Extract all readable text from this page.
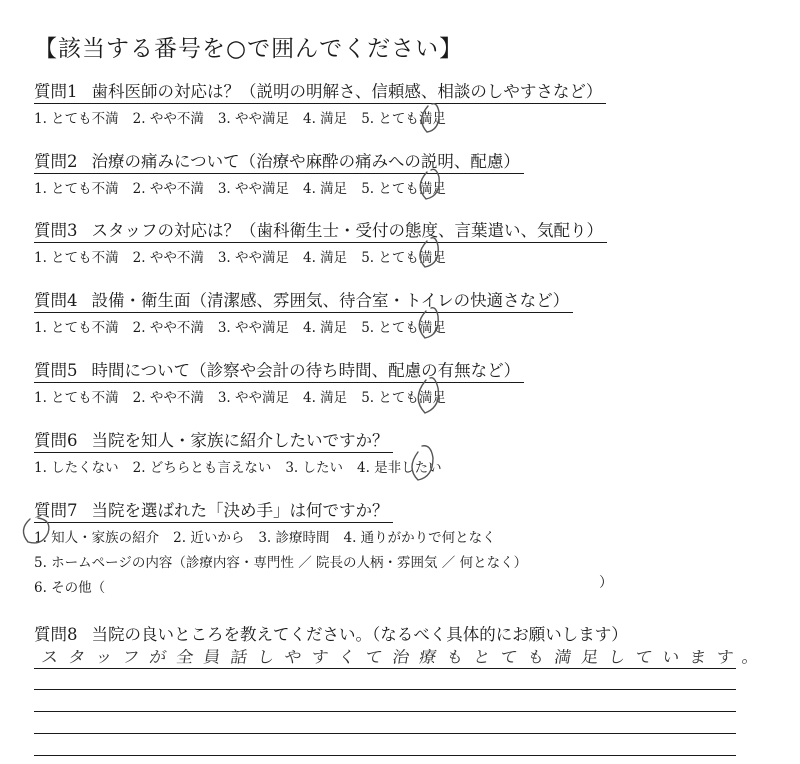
【該当する番号を○で囲んでください】
質問1 歯科医師の対応は？（説明の明解さ、信頼感、相談のしやすさなど）
1. とても不満 2. やや不満 3. やや満足 4. 満足 5. とても満足
質問2 治療の痛みについて（治療や麻酔の痛みへの説明、配慮）
1. とても不満 2. やや不満 3. やや満足 4. 満足 5. とても満足
質問3 スタッフの対応は？（歯科衛生士・受付の態度、言葉遣い、気配り）
1. とても不満 2. やや不満 3. やや満足 4. 満足 5. とても満足
質問4 設備・衛生面（清潔感、雰囲気、待合室・トイレの快適さなど）
1. とても不満 2. やや不満 3. やや満足 4. 満足 5. とても満足
質問5 時間について（診察や会計の待ち時間、配慮の有無など）
1. とても不満 2. やや不満 3. やや満足 4. 満足 5. とても満足
質問6 当院を知人・家族に紹介したいですか？
1. したくない 2. どちらとも言えない 3. したい 4. 是非したい
質問7 当院を選ばれた「決め手」は何ですか？
1. 知人・家族の紹介 2. 近いから 3. 診療時間 4. 通りがかりで何となく
5. ホームページの内容（診療内容・専門性 ／ 院長の人柄・雰囲気 ／ 何となく）
6. その他（	）
質問8 当院の良いところを教えてください。（なるべく具体的にお願いします）
スタッフが全員話しやすくて治療もとても満足しています。
